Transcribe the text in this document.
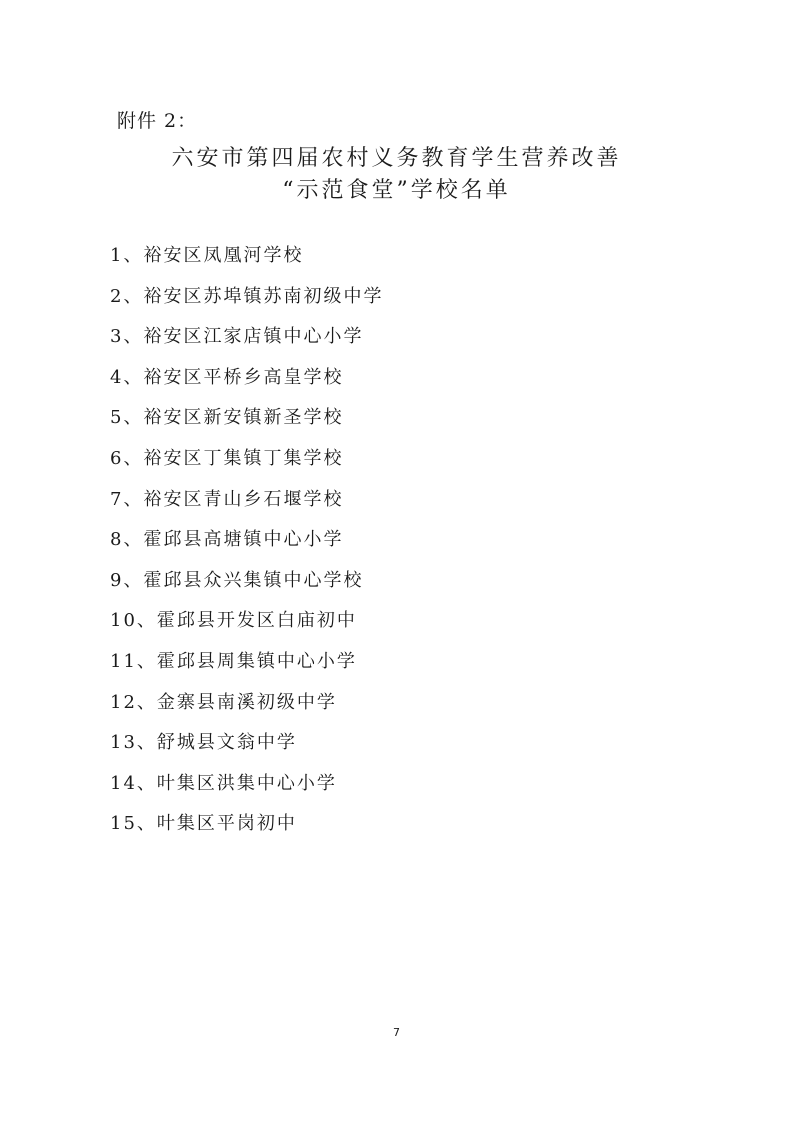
附件 2：
六安市第四届农村义务教育学生营养改善
“示范食堂”学校名单
1、裕安区凤凰河学校
2、裕安区苏埠镇苏南初级中学
3、裕安区江家店镇中心小学
4、裕安区平桥乡高皇学校
5、裕安区新安镇新圣学校
6、裕安区丁集镇丁集学校
7、裕安区青山乡石堰学校
8、霍邱县高塘镇中心小学
9、霍邱县众兴集镇中心学校
10、霍邱县开发区白庙初中
11、霍邱县周集镇中心小学
12、金寨县南溪初级中学
13、舒城县文翁中学
14、叶集区洪集中心小学
15、叶集区平岗初中
7
